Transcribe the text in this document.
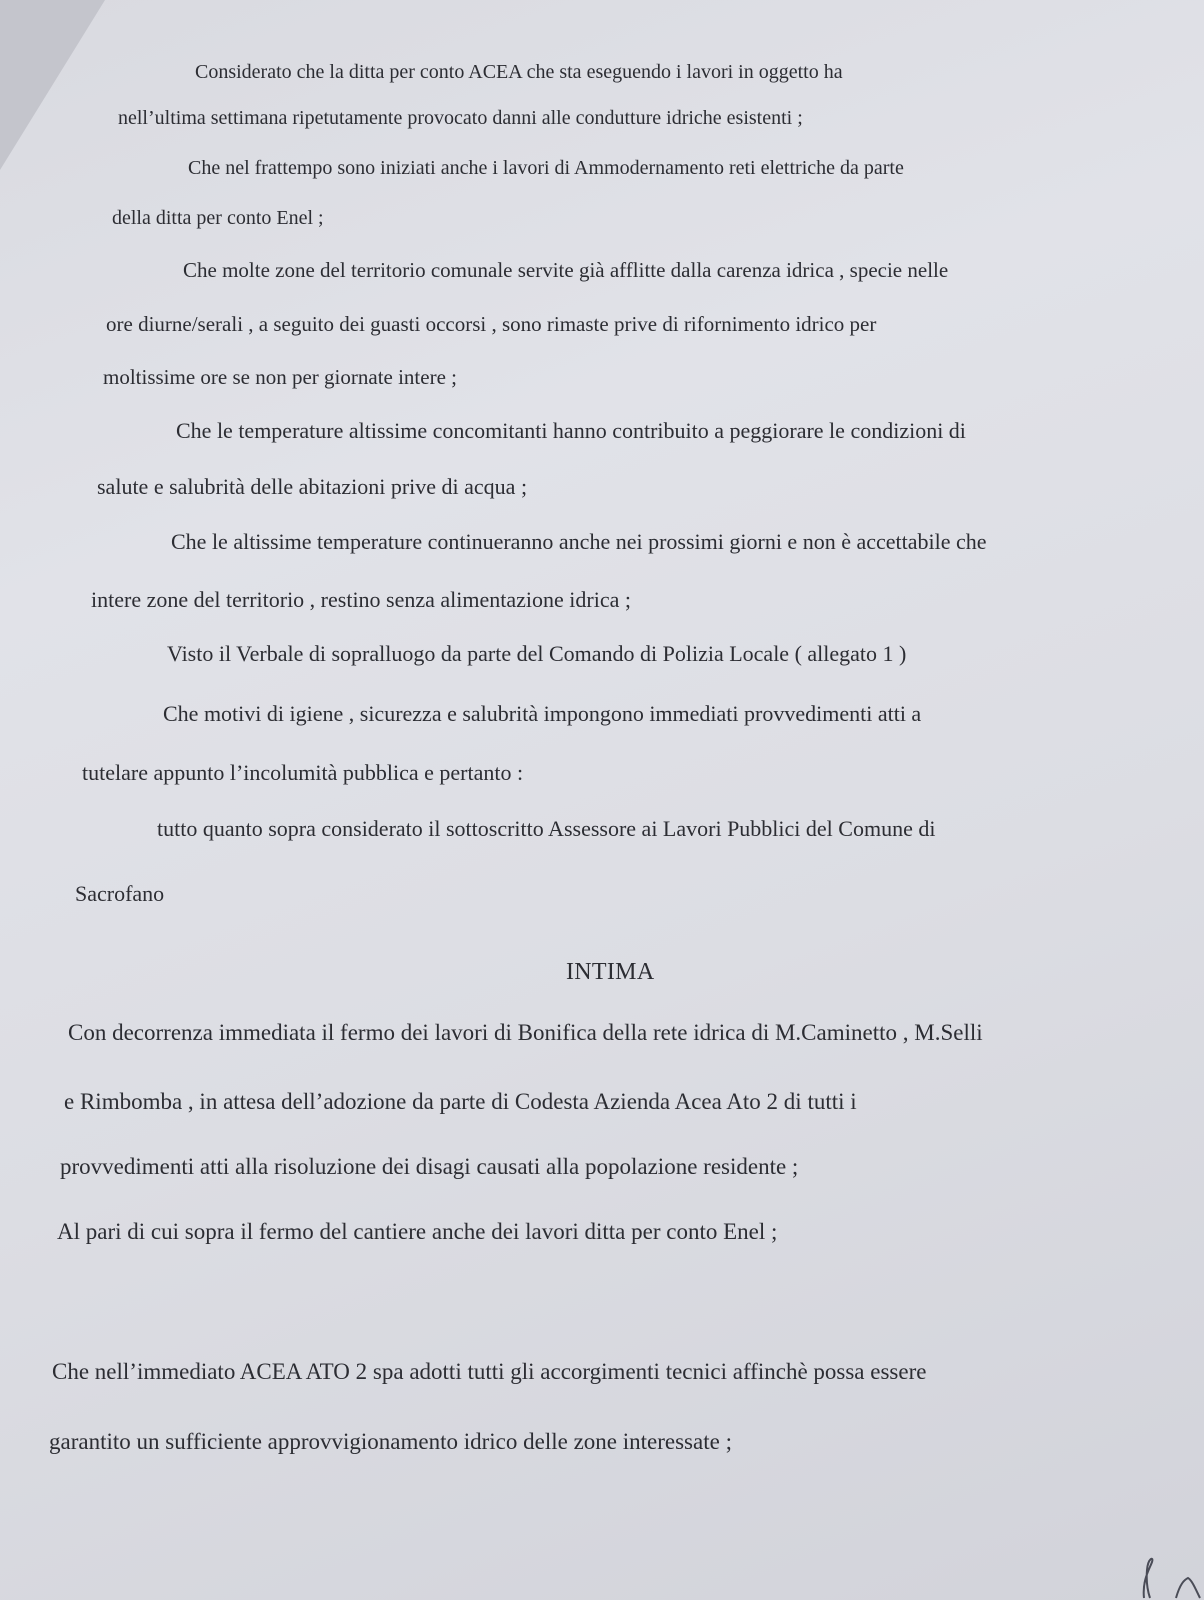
Considerato che la ditta per conto ACEA che sta eseguendo i lavori in oggetto ha

nell’ultima settimana ripetutamente provocato danni alle condutture idriche esistenti ;

Che nel frattempo sono iniziati anche i lavori di Ammodernamento reti elettriche da parte

della ditta per conto Enel ;

Che molte zone del territorio comunale servite già afflitte dalla carenza idrica , specie nelle

ore diurne/serali , a seguito dei guasti occorsi , sono rimaste prive di rifornimento idrico per

moltissime ore se non per giornate intere ;

Che le temperature altissime concomitanti hanno contribuito a peggiorare le condizioni di

salute e salubrità delle abitazioni prive di acqua ;

Che le altissime temperature continueranno anche nei prossimi giorni e non è accettabile che

intere zone del territorio , restino senza alimentazione idrica ;

Visto il Verbale di sopralluogo da parte del Comando di Polizia Locale ( allegato 1 )

Che motivi di igiene , sicurezza e salubrità impongono immediati provvedimenti atti a

tutelare appunto l’incolumità pubblica e pertanto :

tutto quanto sopra considerato il sottoscritto Assessore ai Lavori Pubblici del Comune di

Sacrofano

INTIMA

Con decorrenza immediata il fermo dei lavori di Bonifica della rete idrica di M.Caminetto , M.Selli

e Rimbomba , in attesa dell’adozione da parte di Codesta Azienda Acea Ato 2 di tutti i

provvedimenti atti alla risoluzione dei disagi causati alla popolazione residente ;

Al pari di cui sopra il fermo del cantiere anche dei lavori ditta per conto Enel ;

Che nell’immediato ACEA ATO 2 spa adotti tutti gli accorgimenti tecnici affinchè possa essere

garantito un sufficiente approvvigionamento idrico delle zone interessate ;
